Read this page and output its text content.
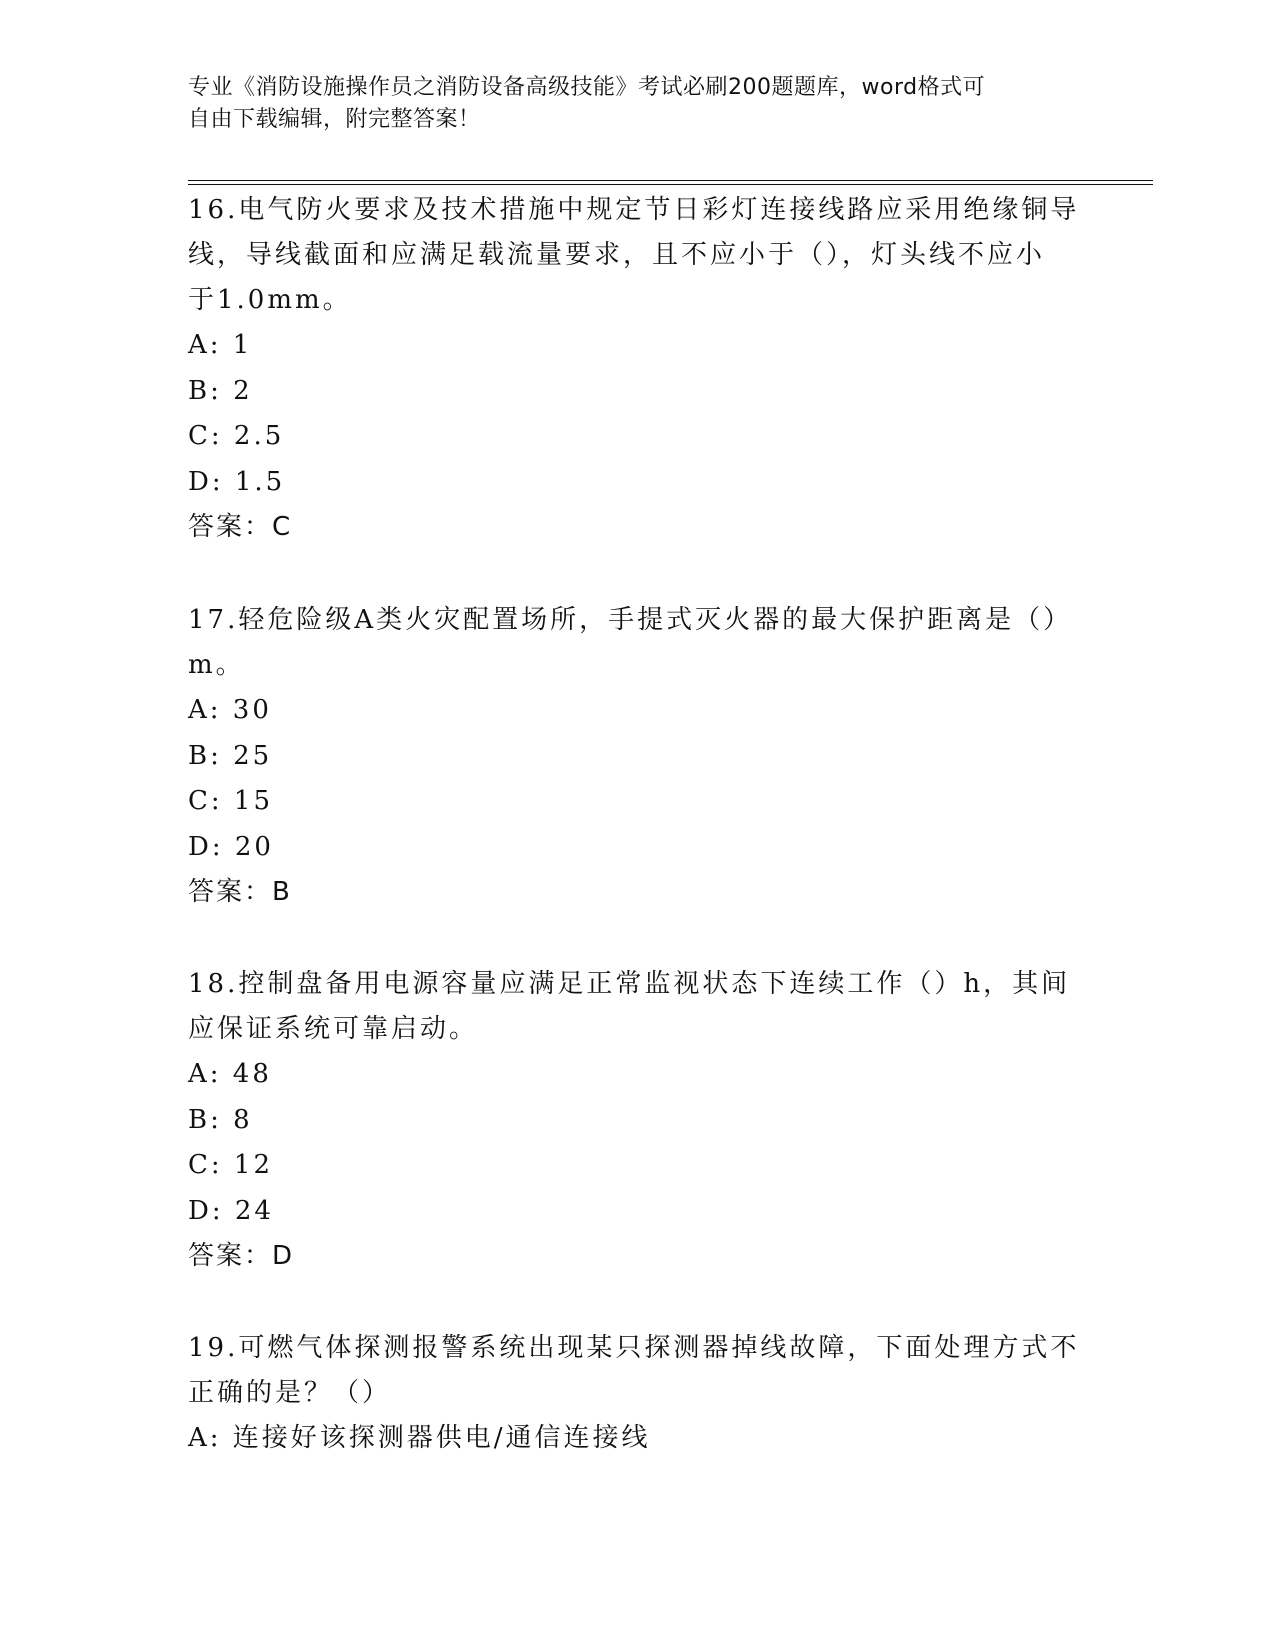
专业《消防设施操作员之消防设备高级技能》考试必刷200题题库，word格式可
自由下载编辑，附完整答案！

16.电气防火要求及技术措施中规定节日彩灯连接线路应采用绝缘铜导

线，导线截面和应满足载流量要求，且不应小于（），灯头线不应小

于1.0mm。

A: 1

B: 2

C: 2.5

D: 1.5

答案：C

17.轻危险级A类火灾配置场所，手提式灭火器的最大保护距离是（）

m。

A: 30

B: 25

C: 15

D: 20

答案：B

18.控制盘备用电源容量应满足正常监视状态下连续工作（）h，其间

应保证系统可靠启动。

A: 48

B: 8

C: 12

D: 24

答案：D

19.可燃气体探测报警系统出现某只探测器掉线故障，下面处理方式不

正确的是？（）

A: 连接好该探测器供电/通信连接线
